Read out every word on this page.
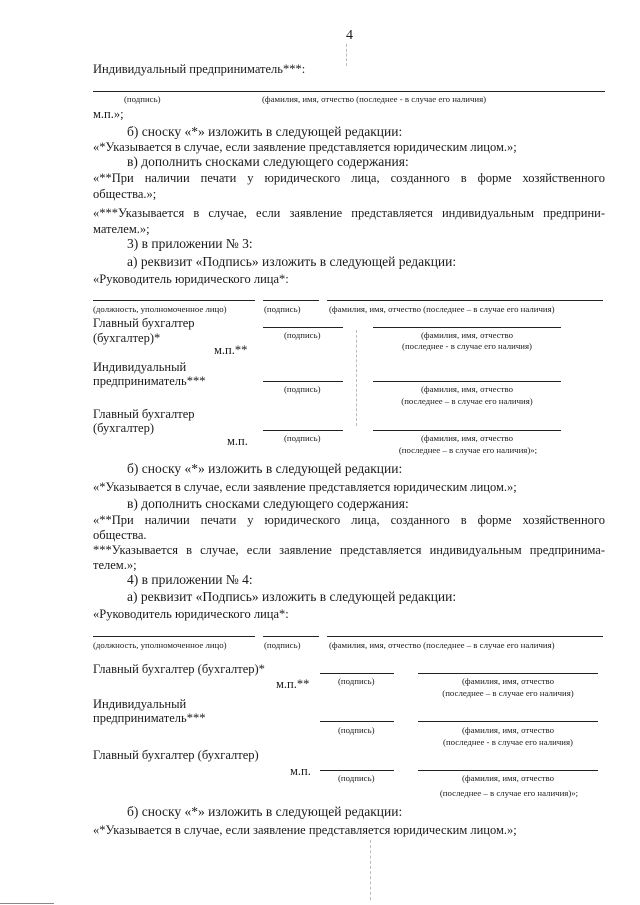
4
Индивидуальный предприниматель***:
(подпись)	(фамилия, имя, отчество (последнее - в случае его наличия)
м.п.»;
б) сноску «*» изложить в следующей редакции:
«*Указывается в случае, если заявление представляется юридическим лицом.»;
в) дополнить сносками следующего содержания:
«**При наличии печати у юридического лица, созданного в форме хозяйственного
общества.»;
«***Указывается в случае, если заявление представляется индивидуальным предприни-
мателем.»;
3) в приложении № 3:
а) реквизит «Подпись» изложить в следующей редакции:
«Руководитель юридического лица*:
(должность, уполномоченное лицо)	(подпись)	(фамилия, имя, отчество (последнее – в случае его наличия)
Главный бухгалтер
(бухгалтер)*	(подпись)	(фамилия, имя, отчество
(последнее - в случае его наличия)
м.п.**
Индивидуальный
предприниматель***
(подпись)	(фамилия, имя, отчество
(последнее – в случае его наличия)
Главный бухгалтер
(бухгалтер)
м.п.	(подпись)	(фамилия, имя, отчество
(последнее – в случае его наличия)»;
б) сноску «*» изложить в следующей редакции:
«*Указывается в случае, если заявление представляется юридическим лицом.»;
в) дополнить сносками следующего содержания:
«**При наличии печати у юридического лица, созданного в форме хозяйственного
общества.
***Указывается в случае, если заявление представляется индивидуальным предпринима-
телем.»;
4) в приложении № 4:
а) реквизит «Подпись» изложить в следующей редакции:
«Руководитель юридического лица*:
(должность, уполномоченное лицо)	(подпись)	(фамилия, имя, отчество (последнее – в случае его наличия)
Главный бухгалтер (бухгалтер)*
м.п.**	(подпись)	(фамилия, имя, отчество
(последнее – в случае его наличия)
Индивидуальный
предприниматель***
(подпись)	(фамилия, имя, отчество
(последнее - в случае его наличия)
Главный бухгалтер (бухгалтер)
м.п.	(подпись)	(фамилия, имя, отчество
(последнее – в случае его наличия)»;
б) сноску «*» изложить в следующей редакции:
«*Указывается в случае, если заявление представляется юридическим лицом.»;
